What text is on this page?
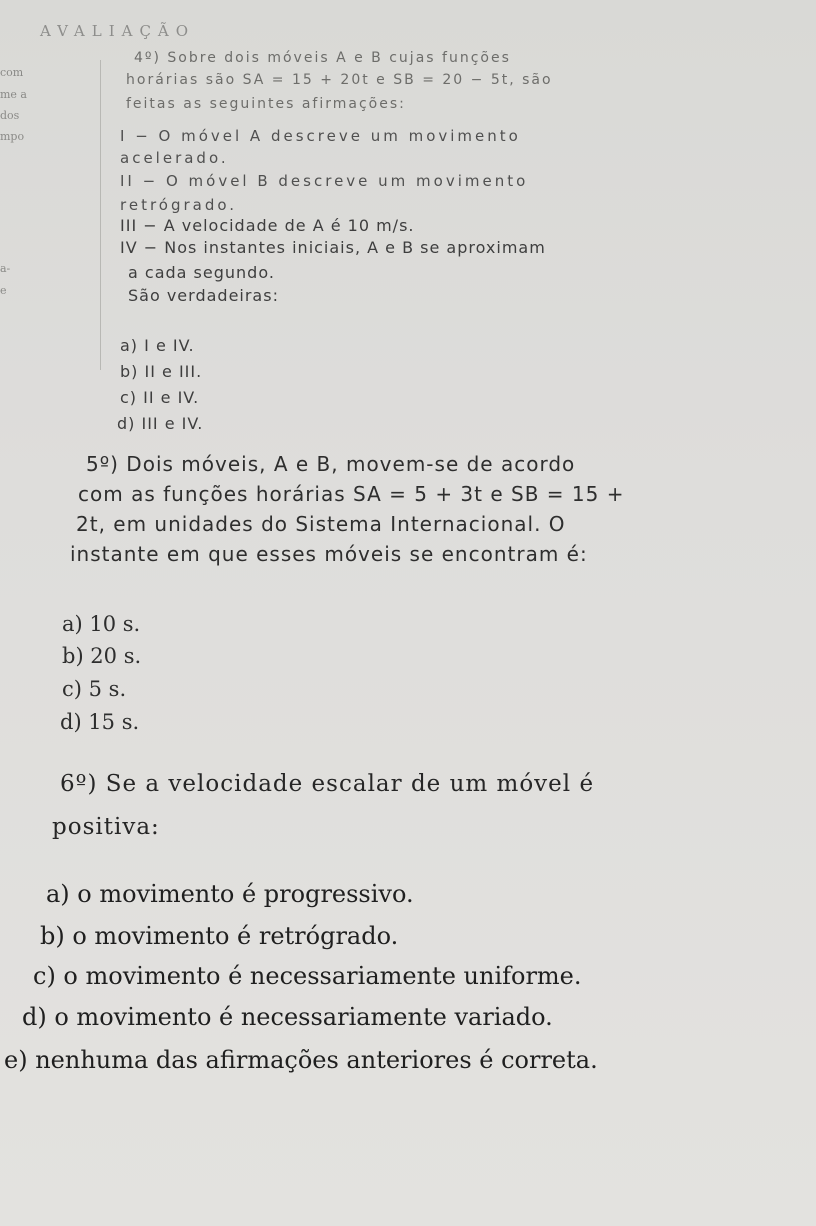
AVALIAÇÃO
com
me a
dos
mpo
a-
e
4º) Sobre dois móveis A e B cujas funções
horárias são SA = 15 + 20t e SB = 20 − 5t, são
feitas as seguintes afirmações:
I − O móvel A descreve um movimento
acelerado.
II − O móvel B descreve um movimento
retrógrado.
III − A velocidade de A é 10 m/s.
IV − Nos instantes iniciais, A e B se aproximam
a cada segundo.
São verdadeiras:
a) I e IV.
b) II e III.
c) II e IV.
d) III e IV.
5º) Dois móveis, A e B, movem-se de acordo
com as funções horárias SA = 5 + 3t e SB = 15 +
2t, em unidades do Sistema Internacional. O
instante em que esses móveis se encontram é:
a) 10 s.
b) 20 s.
c) 5 s.
d) 15 s.
6º) Se a velocidade escalar de um móvel é
positiva:
a) o movimento é progressivo.
b) o movimento é retrógrado.
c) o movimento é necessariamente uniforme.
d) o movimento é necessariamente variado.
e) nenhuma das afirmações anteriores é correta.
